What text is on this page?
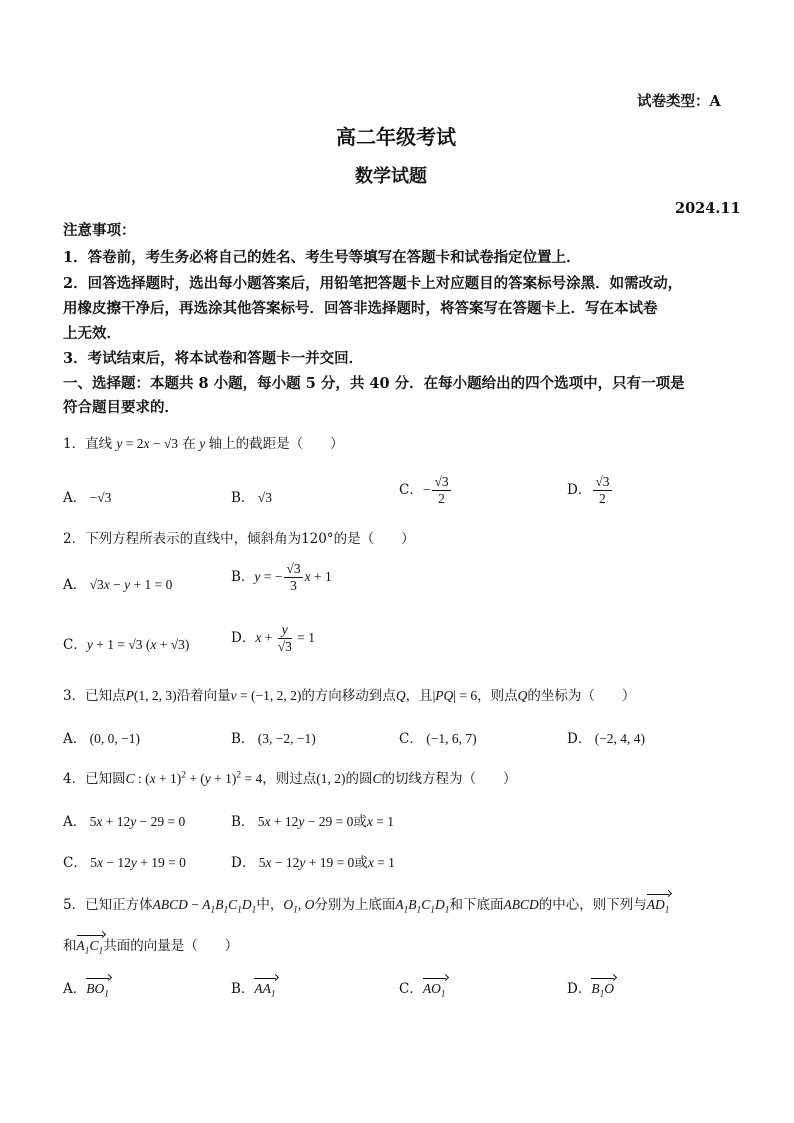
试卷类型：A
高二年级考试
数学试题
2024.11
注意事项：
1．答卷前，考生务必将自己的姓名、考生号等填写在答题卡和试卷指定位置上．
2．回答选择题时，选出每小题答案后，用铅笔把答题卡上对应题目的答案标号涂黑．如需改动，
用橡皮擦干净后，再选涂其他答案标号．回答非选择题时，将答案写在答题卡上．写在本试卷
上无效．
3．考试结束后，将本试卷和答题卡一并交回．
一、选择题：本题共 8 小题，每小题 5 分，共 40 分．在每小题给出的四个选项中，只有一项是
符合题目要求的．
1．直线 y = 2x − √3 在 y 轴上的截距是（　　）
A． −√3	B． √3	C．− $\frac{√3}{2}$	D． $\frac{√3}{2}$
2．下列方程所表示的直线中，倾斜角为120°的是（　　）
A． √3x − y + 1 = 0	B．y = − $\frac{√3}{3}$ x + 1
C．y + 1 = √3 (x + √3)	D．$x + \frac{y}{√3} = 1$
3．已知点P(1, 2, 3)沿着向量v = (−1, 2, 2)的方向移动到点Q，且|PQ| = 6，则点Q的坐标为（　　）
A． (0, 0, −1)	B． (3, −2, −1)	C． (−1, 6, 7)	D． (−2, 4, 4)
4．已知圆C : $(x + 1)^2 + (y + 1)^2 = 4$，则过点(1, 2)的圆C的切线方程为（　　）
A． 5x + 12y − 29 = 0	B． 5x + 12y − 29 = 0或x = 1
C． 5x − 12y + 19 = 0	D． 5x − 12y + 19 = 0或x = 1
5．已知正方体ABCD − $A_1B_1C_1D_1$中，$O_1$, O分别为上底面$A_1B_1C_1D_1$和下底面ABCD的中心，则下列与$AD_1$
和$A_1C_1$共面的向量是（　　）
A．$BO_1$	B．$AA_1$	C．$AO_1$	D．$B_1O$
